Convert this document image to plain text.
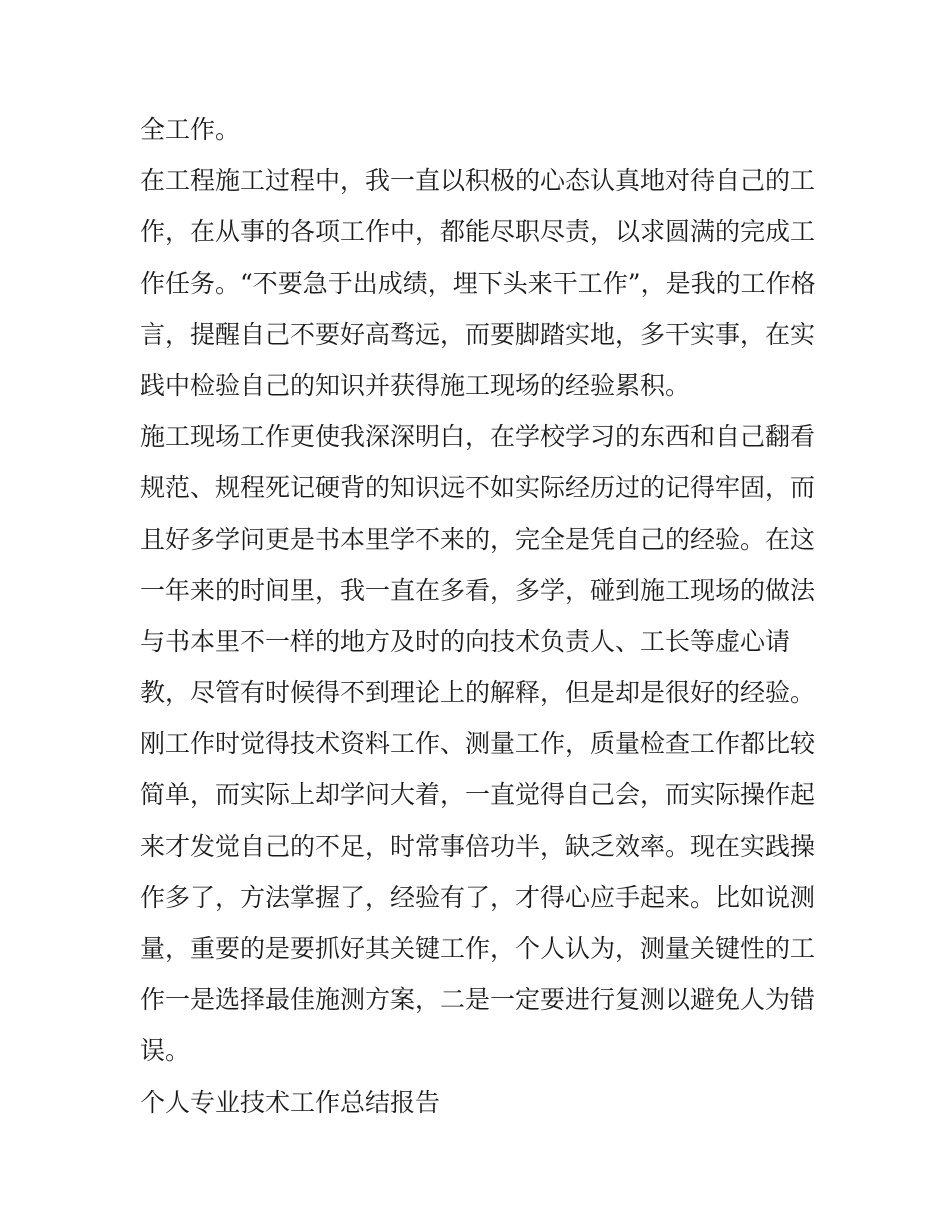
全工作。
在工程施工过程中，我一直以积极的心态认真地对待自己的工
作，在从事的各项工作中，都能尽职尽责，以求圆满的完成工
作任务。“不要急于出成绩，埋下头来干工作”，是我的工作格
言，提醒自己不要好高骛远，而要脚踏实地，多干实事，在实
践中检验自己的知识并获得施工现场的经验累积。
施工现场工作更使我深深明白，在学校学习的东西和自己翻看
规范、规程死记硬背的知识远不如实际经历过的记得牢固，而
且好多学问更是书本里学不来的，完全是凭自己的经验。在这
一年来的时间里，我一直在多看，多学，碰到施工现场的做法
与书本里不一样的地方及时的向技术负责人、工长等虚心请
教，尽管有时候得不到理论上的解释，但是却是很好的经验。
刚工作时觉得技术资料工作、测量工作，质量检查工作都比较
简单，而实际上却学问大着，一直觉得自己会，而实际操作起
来才发觉自己的不足，时常事倍功半，缺乏效率。现在实践操
作多了，方法掌握了，经验有了，才得心应手起来。比如说测
量，重要的是要抓好其关键工作，个人认为，测量关键性的工
作一是选择最佳施测方案，二是一定要进行复测以避免人为错
误。
个人专业技术工作总结报告
